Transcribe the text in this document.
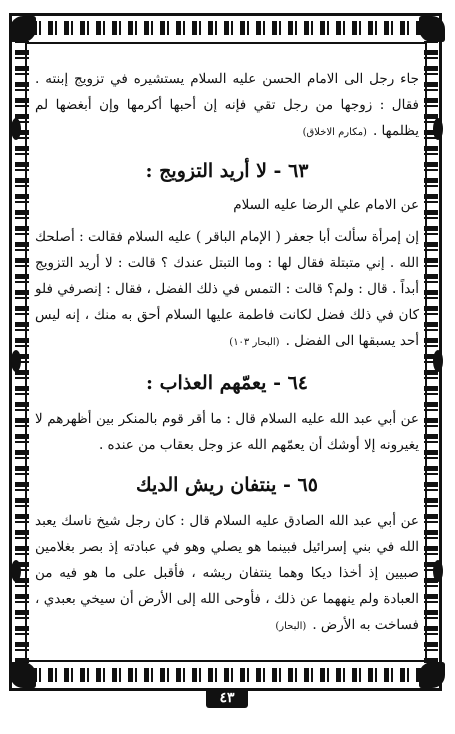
جاء رجل الى الامام الحسن عليه السلام يستشيره في تزويج إبنته . فقال : زوجها من رجل تقي فإنه إن أحبها أكرمها وإن أبغضها لم يظلمها .(مكارم الاخلاق)

٦٣ - لا أريد التزويج :

عن الامام علي الرضا عليه السلام

إن إمرأة سألت أبا جعفر ( الإمام الباقر ) عليه السلام فقالت : أصلحك الله . إني متبتلة فقال لها : وما التبتل عندك ؟ قالت : لا أريد التزويج أبداً . قال : ولم؟ قالت : التمس في ذلك الفضل ، فقال : إنصرفي فلو كان في ذلك فضل لكانت فاطمة عليها السلام أحق به منك ، إنه ليس أحد يسبقها الى الفضل .(البحار ١٠٣)

٦٤ - يعمّهم العذاب :

عن أبي عبد الله عليه السلام قال : ما أقر قوم بالمنكر بين أظهرهم لا يغيرونه إلا أوشك أن يعمّهم الله عز وجل بعقاب من عنده .

٦٥ - ينتفان ريش الديك

عن أبي عبد الله الصادق عليه السلام قال : كان رجل شيخ ناسك يعبد الله في بني إسرائيل فبينما هو يصلي وهو في عبادته إذ بصر بغلامين صبيين إذ أخذا ديكا وهما ينتفان ريشه ، فأقبل على ما هو فيه من العبادة ولم ينههما عن ذلك ، فأوحى الله إلى الأرض أن سيخي بعبدي ، فساخت به الأرض .(البحار)

٤٣
